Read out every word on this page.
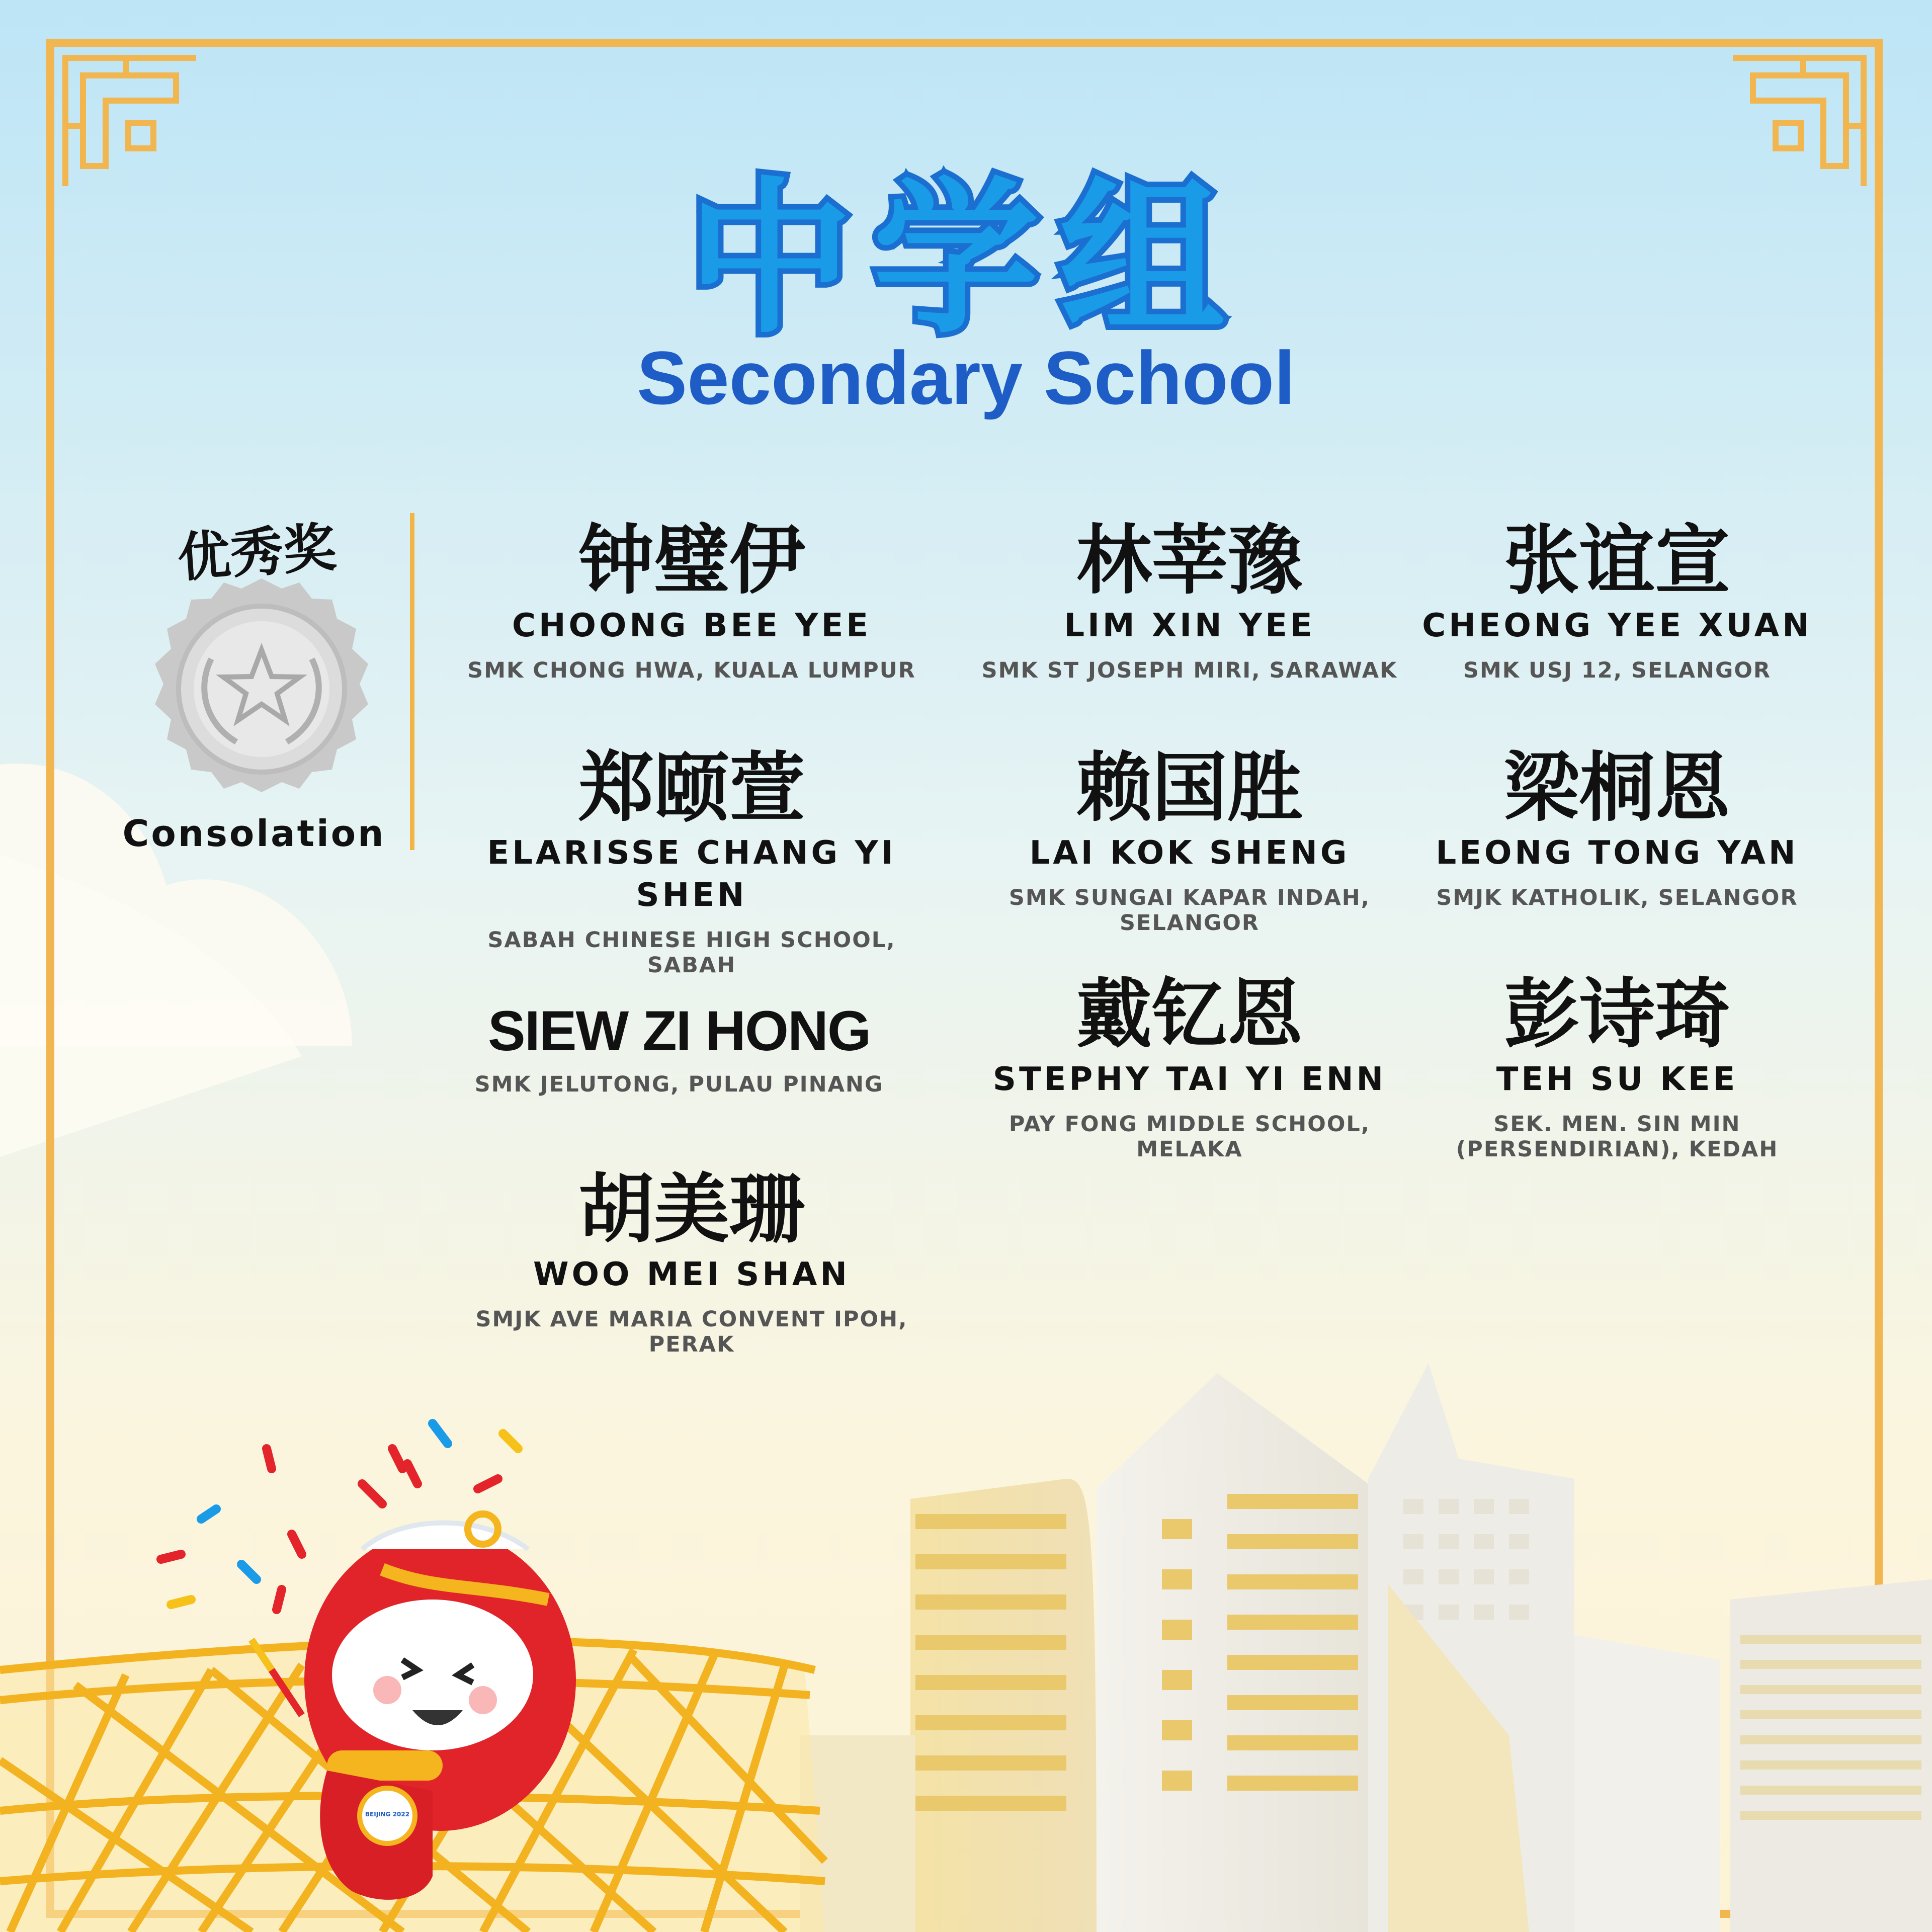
中学组
Secondary School
优秀奖
Consolation
钟璧伊
CHOONG BEE YEE
SMK CHONG HWA, KUALA LUMPUR
林莘豫
LIM XIN YEE
SMK ST JOSEPH MIRI, SARAWAK
张谊宣
CHEONG YEE XUAN
SMK USJ 12, SELANGOR
郑颐萱
ELARISSE CHANG YI SHEN
SABAH CHINESE HIGH SCHOOL, SABAH
赖国胜
LAI KOK SHENG
SMK SUNGAI KAPAR INDAH, SELANGOR
梁桐恩
LEONG TONG YAN
SMJK KATHOLIK, SELANGOR
SIEW ZI HONG
SMK JELUTONG, PULAU PINANG
戴钇恩
STEPHY TAI YI ENN
PAY FONG MIDDLE SCHOOL, MELAKA
彭诗琦
TEH SU KEE
SEK. MEN. SIN MIN
(PERSENDIRIAN), KEDAH
胡美珊
WOO MEI SHAN
SMJK AVE MARIA CONVENT IPOH, PERAK
BEIJING 2022
